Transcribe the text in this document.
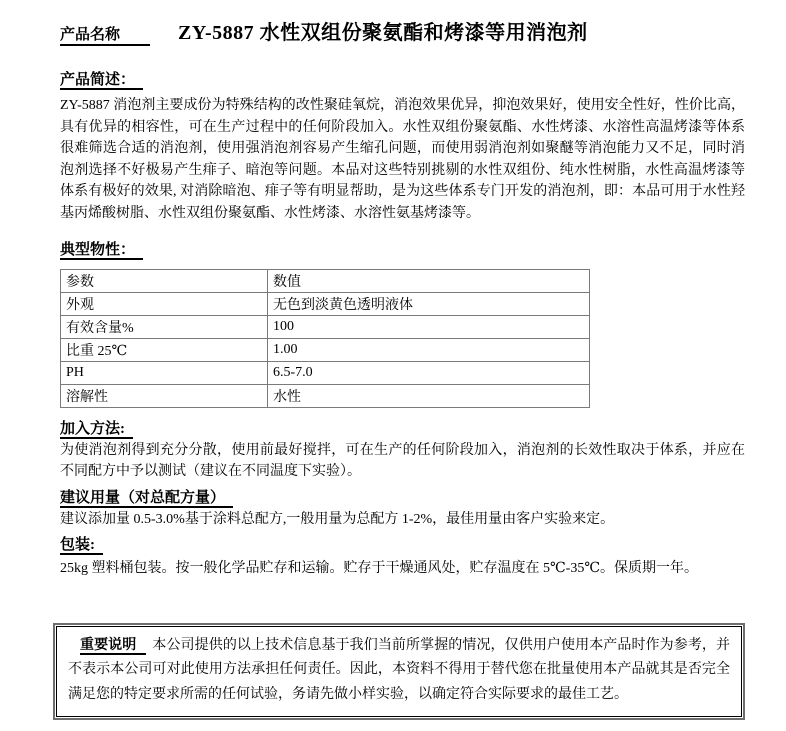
产品名称	ZY-5887 水性双组份聚氨酯和烤漆等用消泡剂
产品简述：

ZY-5887 消泡剂主要成份为特殊结构的改性聚硅氧烷，消泡效果优异，抑泡效果好，使用安全性好，性价比高，具有优异的相容性，可在生产过程中的任何阶段加入。水性双组份聚氨酯、水性烤漆、水溶性高温烤漆等体系很难筛选合适的消泡剂，使用强消泡剂容易产生缩孔问题，而使用弱消泡剂如聚醚等消泡能力又不足，同时消泡剂选择不好极易产生痱子、暗泡等问题。本品对这些特别挑剔的水性双组份、纯水性树脂，水性高温烤漆等体系有极好的效果, 对消除暗泡、痱子等有明显帮助，是为这些体系专门开发的消泡剂，即：本品可用于水性羟基丙烯酸树脂、水性双组份聚氨酯、水性烤漆、水溶性氨基烤漆等。

典型物性：
参数	数值
外观	无色到淡黄色透明液体
有效含量%	100
比重 25℃	1.00
PH	6.5-7.0
溶解性	水性
加入方法:

为使消泡剂得到充分分散，使用前最好搅拌，可在生产的任何阶段加入，消泡剂的长效性取决于体系，并应在不同配方中予以测试（建议在不同温度下实验）。

建议用量（对总配方量）

建议添加量 0.5-3.0%基于涂料总配方,一般用量为总配方 1-2%，最佳用量由客户实验来定。

包装:

25kg 塑料桶包装。按一般化学品贮存和运输。贮存于干燥通风处，贮存温度在 5℃-35℃。保质期一年。

重要说明 本公司提供的以上技术信息基于我们当前所掌握的情况，仅供用户使用本产品时作为参考，并不表示本公司可对此使用方法承担任何责任。因此，本资料不得用于替代您在批量使用本产品就其是否完全满足您的特定要求所需的任何试验，务请先做小样实验，以确定符合实际要求的最佳工艺。
